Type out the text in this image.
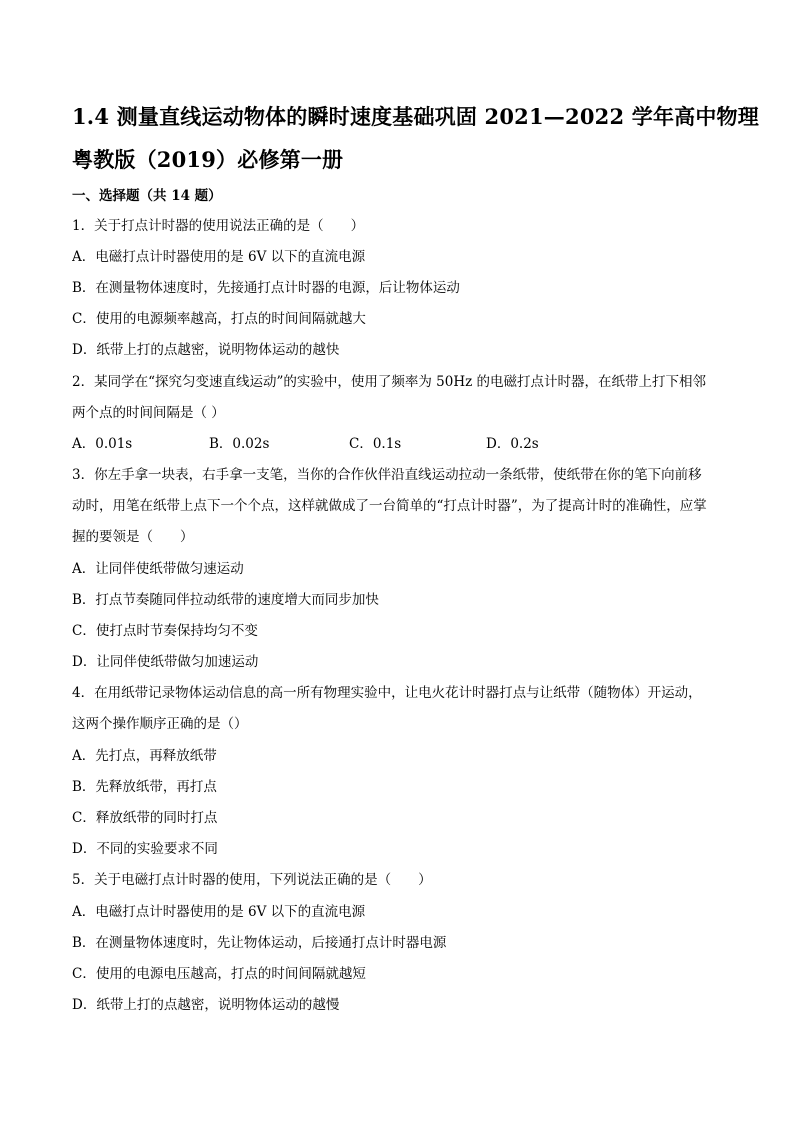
1.4 测量直线运动物体的瞬时速度基础巩固 2021—2022 学年高中物理
粤教版（2019）必修第一册
一、选择题（共 14 题）
1．关于打点计时器的使用说法正确的是（　　）
A．电磁打点计时器使用的是 6V 以下的直流电源
B．在测量物体速度时，先接通打点计时器的电源，后让物体运动
C．使用的电源频率越高，打点的时间间隔就越大
D．纸带上打的点越密，说明物体运动的越快
2．某同学在“探究匀变速直线运动”的实验中，使用了频率为 50Hz 的电磁打点计时器，在纸带上打下相邻
两个点的时间间隔是（ ）
A．0.01s	B．0.02s	C．0.1s	D．0.2s
3．你左手拿一块表，右手拿一支笔，当你的合作伙伴沿直线运动拉动一条纸带，使纸带在你的笔下向前移
动时，用笔在纸带上点下一个个点，这样就做成了一台简单的“打点计时器”，为了提高计时的准确性，应掌
握的要领是（　　）
A．让同伴使纸带做匀速运动
B．打点节奏随同伴拉动纸带的速度增大而同步加快
C．使打点时节奏保持均匀不变
D．让同伴使纸带做匀加速运动
4．在用纸带记录物体运动信息的高一所有物理实验中，让电火花计时器打点与让纸带（随物体）开运动，
这两个操作顺序正确的是（）
A．先打点，再释放纸带
B．先释放纸带，再打点
C．释放纸带的同时打点
D．不同的实验要求不同
5．关于电磁打点计时器的使用，下列说法正确的是（　　）
A．电磁打点计时器使用的是 6V 以下的直流电源
B．在测量物体速度时，先让物体运动，后接通打点计时器电源
C．使用的电源电压越高，打点的时间间隔就越短
D．纸带上打的点越密，说明物体运动的越慢
